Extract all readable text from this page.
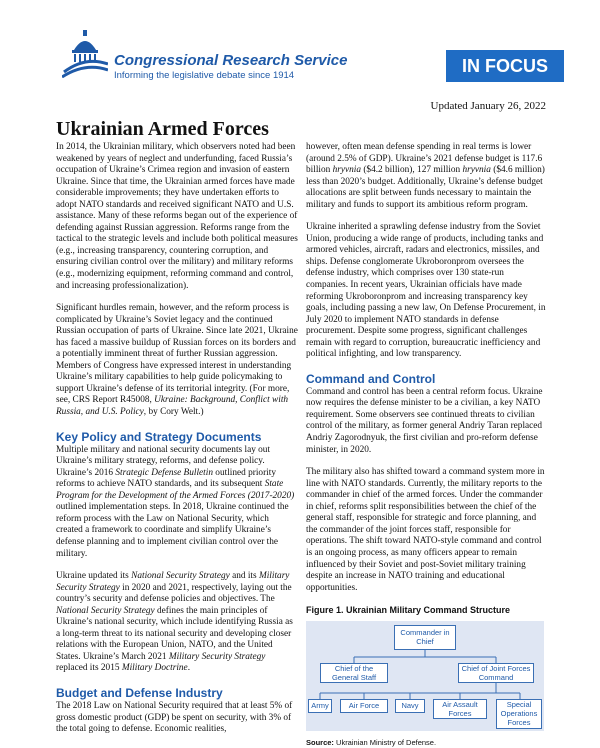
Congressional Research Service
Informing the legislative debate since 1914	IN FOCUS
Updated January 26, 2022
Ukrainian Armed Forces

In 2014, the Ukrainian military, which observers noted had been weakened by years of neglect and underfunding, faced Russia’s occupation of Ukraine’s Crimea region and invasion of eastern Ukraine. Since that time, the Ukrainian armed forces have made considerable improvements; they have undertaken efforts to adopt NATO standards and received significant NATO and U.S. assistance. Many of these reforms began out of the experience of defending against Russian aggression. Reforms range from the tactical to the strategic levels and include both political measures (e.g., increasing transparency, countering corruption, and ensuring civilian control over the military) and military reforms (e.g., modernizing equipment, reforming command and control, and increasing professionalization).

Significant hurdles remain, however, and the reform process is complicated by Ukraine’s Soviet legacy and the continued Russian occupation of parts of Ukraine. Since late 2021, Ukraine has faced a massive buildup of Russian forces on its borders and a potentially imminent threat of further Russian aggression. Members of Congress have expressed interest in understanding Ukraine’s military capabilities to help guide policymaking to support Ukraine’s defense of its territorial integrity. (For more, see, CRS Report R45008, Ukraine: Background, Conflict with Russia, and U.S. Policy, by Cory Welt.)

Key Policy and Strategy Documents

Multiple military and national security documents lay out Ukraine’s military strategy, reforms, and defense policy. Ukraine’s 2016 Strategic Defense Bulletin outlined priority reforms to achieve NATO standards, and its subsequent State Program for the Development of the Armed Forces (2017-2020) outlined implementation steps. In 2018, Ukraine continued the reform process with the Law on National Security, which created a framework to coordinate and simplify Ukraine’s defense planning and to implement civilian control over the military.

Ukraine updated its National Security Strategy and its Military Security Strategy in 2020 and 2021, respectively, laying out the country’s security and defense policies and objectives. The National Security Strategy defines the main principles of Ukraine’s national security, which include identifying Russia as a long-term threat to its national security and developing closer relations with the European Union, NATO, and the United States. Ukraine’s March 2021 Military Security Strategy replaced its 2015 Military Doctrine.

Budget and Defense Industry

The 2018 Law on National Security required that at least 5% of gross domestic product (GDP) be spent on security, with 3% of the total going to defense. Economic realities,

however, often mean defense spending in real terms is lower (around 2.5% of GDP). Ukraine’s 2021 defense budget is 117.6 billion hryvnia ($4.2 billion), 127 million hryvnia ($4.6 million) less than 2020’s budget. Additionally, Ukraine’s defense budget allocations are split between funds necessary to maintain the military and funds to support its ambitious reform program.

Ukraine inherited a sprawling defense industry from the Soviet Union, producing a wide range of products, including tanks and armored vehicles, aircraft, radars and electronics, missiles, and ships. Defense conglomerate Ukroboronprom oversees the defense industry, which comprises over 130 state-run companies. In recent years, Ukrainian officials have made reforming Ukroboronprom and increasing transparency key goals, including passing a new law, On Defense Procurement, in July 2020 to implement NATO standards in defense procurement. Despite some progress, significant challenges remain with regard to corruption, bureaucratic inefficiency and political infighting, and low transparency.

Command and Control

Command and control has been a central reform focus. Ukraine now requires the defense minister to be a civilian, a key NATO requirement. Some observers see continued threats to civilian control of the military, as former general Andriy Taran replaced Andriy Zagorodnyuk, the first civilian and pro-reform defense minister, in 2020.

The military also has shifted toward a command system more in line with NATO standards. Currently, the military reports to the commander in chief of the armed forces. Under the commander in chief, reforms split responsibilities between the chief of the general staff, responsible for strategic and force planning, and the commander of the joint forces staff, responsible for operations. The shift toward NATO-style command and control is an ongoing process, as many officers appear to remain influenced by their Soviet and post-Soviet military training despite an increase in NATO training and educational opportunities.

Figure 1. Ukrainian Military Command Structure
Commander in Chief
Chief of the General Staff
Chief of Joint Forces Command
Army	Air Force	Navy	Air Assault Forces
Special Operations Forces
Source: Ukrainian Ministry of Defense.
